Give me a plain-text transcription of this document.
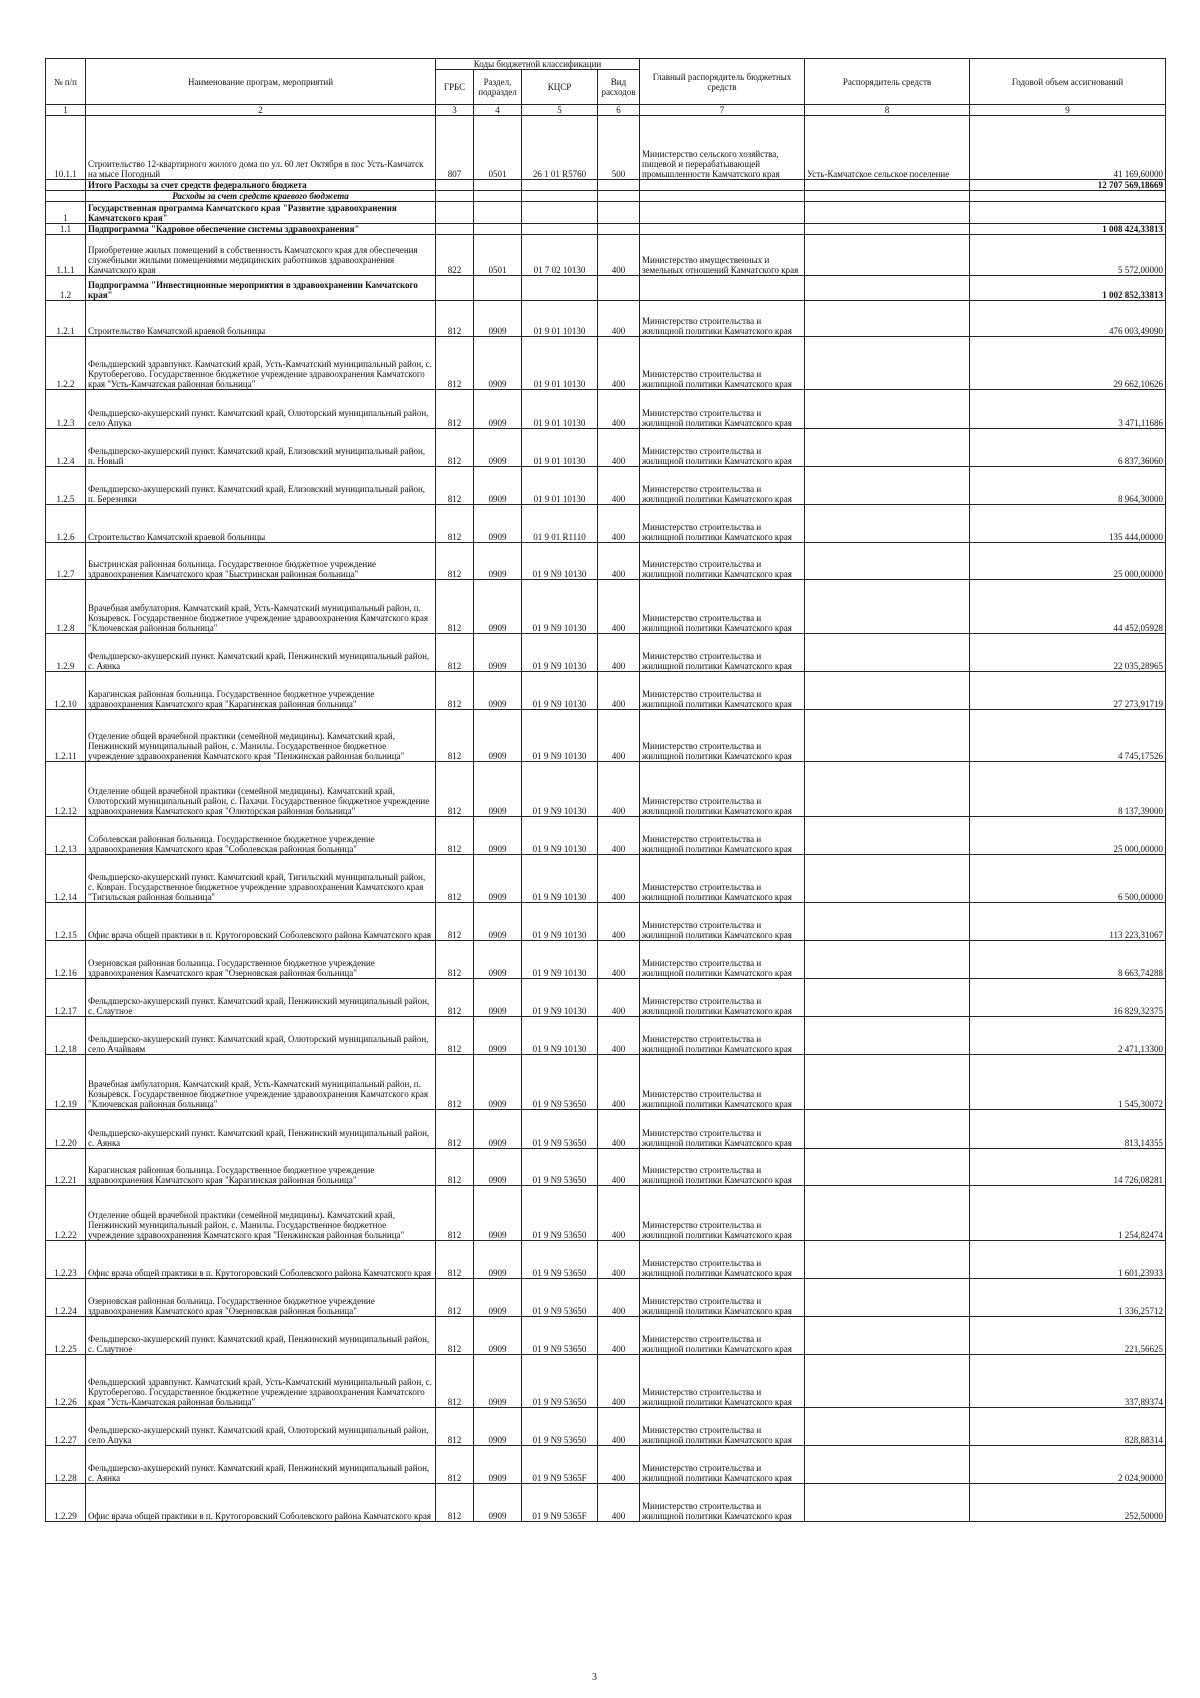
№ п/п	Наименование програм, мероприятий	Коды бюджетной классификации				Главный распорядитель бюджетных средств	Распорядитель средств	Годовой объем ассигнований
		ГРБС	Раздел, подраздел	КЦСР	Вид расходов			
1	2	3	4	5	6	7	8	9
10.1.1	Строительство 12-квартирного жилого дома по ул. 60 лет Октября в пос Усть-Камчатск на мысе Погодный	807	0501	26 1 01 R5760	500	Министерство сельского хозяйства, пищевой и перерабатывающей промышленности Камчатского края	Усть-Камчатское сельское поселение	41 169,60000
	Итого Расходы за счет средств федерального бюджета							12 707 569,18669
	Расходы за счет средств краевого бюджета							
1	Государственная программа Камчатского края "Развитие здравоохранения Камчатского края"							
1.1	Подпрограмма "Кадровое обеспечение системы здравоохранения"							1 008 424,33813
1.1.1	Приобретение жилых помещений в собственность Камчатского края для обеспечения служебными жилыми помещениями медицинских работников здравоохранения Камчатского края	822	0501	01 7 02 10130	400	Министерство имущественных и земельных отношений Камчатского края		5 572,00000
1.2	Подпрограмма "Инвестиционные мероприятия в здравоохранении Камчатского края"							1 002 852,33813
1.2.1	Строительство Камчатской краевой больницы	812	0909	01 9 01 10130	400	Министерство строительства и жилищной политики Камчатского края		476 003,49090
1.2.2	Фельдшерский здравпункт. Камчатский край, Усть-Камчатский муниципальный район, с. Крутоберегово. Государственное бюджетное учреждение здравоохранения Камчатского края "Усть-Камчатская районная больница"	812	0909	01 9 01 10130	400	Министерство строительства и жилищной политики Камчатского края		29 662,10626
1.2.3	Фельдшерско-акушерский пункт. Камчатский край, Олюторский муниципальный район, село Апука	812	0909	01 9 01 10130	400	Министерство строительства и жилищной политики Камчатского края		3 471,11686
1.2.4	Фельдшерско-акушерский пункт. Камчатский край, Елизовский муниципальный район, п. Новый	812	0909	01 9 01 10130	400	Министерство строительства и жилищной политики Камчатского края		6 837,36060
1.2.5	Фельдшерско-акушерский пункт. Камчатский край, Елизовский муниципальный район, п. Березняки	812	0909	01 9 01 10130	400	Министерство строительства и жилищной политики Камчатского края		8 964,30000
1.2.6	Строительство Камчатской краевой больницы	812	0909	01 9 01 R1110	400	Министерство строительства и жилищной политики Камчатского края		135 444,00000
1.2.7	Быстринская районная больница. Государственное бюджетное учреждение здравоохранения Камчатского края "Быстринская районная больница"	812	0909	01 9 N9 10130	400	Министерство строительства и жилищной политики Камчатского края		25 000,00000
1.2.8	Врачебная амбулатория. Камчатский край, Усть-Камчатский муниципальный район, п. Козыревск. Государственное бюджетное учреждение здравоохранения Камчатского края "Ключевская районная больница"	812	0909	01 9 N9 10130	400	Министерство строительства и жилищной политики Камчатского края		44 452,05928
1.2.9	Фельдшерско-акушерский пункт. Камчатский край, Пенжинский муниципальный район, с. Аянка	812	0909	01 9 N9 10130	400	Министерство строительства и жилищной политики Камчатского края		22 035,28965
1.2.10	Карагинская районная больница. Государственное бюджетное учреждение здравоохранения Камчатского края "Карагинская районная больница"	812	0909	01 9 N9 10130	400	Министерство строительства и жилищной политики Камчатского края		27 273,91719
1.2.11	Отделение общей врачебной практики (семейной медицины). Камчатский край, Пенжинский муниципальный район, с. Манилы. Государственное бюджетное учреждение здравоохранения Камчатского края "Пенжинская районная больница"	812	0909	01 9 N9 10130	400	Министерство строительства и жилищной политики Камчатского края		4 745,17526
1.2.12	Отделение общей врачебной практики (семейной медицины). Камчатский край, Олюторский муниципальный район, с. Пахачи. Государственное бюджетное учреждение здравоохранения Камчатского края "Олюторская районная больница"	812	0909	01 9 N9 10130	400	Министерство строительства и жилищной политики Камчатского края		8 137,39000
1.2.13	Соболевская районная больница. Государственное бюджетное учреждение здравоохранения Камчатского края "Соболевская районная больница"	812	0909	01 9 N9 10130	400	Министерство строительства и жилищной политики Камчатского края		25 000,00000
1.2.14	Фельдшерско-акушерский пункт. Камчатский край, Тигильский муниципальный район, с. Ковран. Государственное бюджетное учреждение здравоохранения Камчатского края "Тигильская районная больница"	812	0909	01 9 N9 10130	400	Министерство строительства и жилищной политики Камчатского края		6 500,00000
1.2.15	Офис врача общей практики в п. Крутогоровский Соболевского района Камчатского края	812	0909	01 9 N9 10130	400	Министерство строительства и жилищной политики Камчатского края		113 223,31067
1.2.16	Озерновская районная больница. Государственное бюджетное учреждение здравоохранения Камчатского края "Озерновская районная больница"	812	0909	01 9 N9 10130	400	Министерство строительства и жилищной политики Камчатского края		8 663,74288
1.2.17	Фельдшерско-акушерский пункт. Камчатский край, Пенжинский муниципальный район, с. Слаутное	812	0909	01 9 N9 10130	400	Министерство строительства и жилищной политики Камчатского края		16 829,32375
1.2.18	Фельдшерско-акушерский пункт. Камчатский край, Олюторский муниципальный район, село Ачайваям	812	0909	01 9 N9 10130	400	Министерство строительства и жилищной политики Камчатского края		2 471,13300
1.2.19	Врачебная амбулатория. Камчатский край, Усть-Камчатский муниципальный район, п. Козыревск. Государственное бюджетное учреждение здравоохранения Камчатского края "Ключевская районная больница"	812	0909	01 9 N9 53650	400	Министерство строительства и жилищной политики Камчатского края		1 545,30072
1.2.20	Фельдшерско-акушерский пункт. Камчатский край, Пенжинский муниципальный район, с. Аянка	812	0909	01 9 N9 53650	400	Министерство строительства и жилищной политики Камчатского края		813,14355
1.2.21	Карагинская районная больница. Государственное бюджетное учреждение здравоохранения Камчатского края "Карагинская районная больница"	812	0909	01 9 N9 53650	400	Министерство строительства и жилищной политики Камчатского края		14 726,08281
1.2.22	Отделение общей врачебной практики (семейной медицины). Камчатский край, Пенжинский муниципальный район, с. Манилы. Государственное бюджетное учреждение здравоохранения Камчатского края "Пенжинская районная больница"	812	0909	01 9 N9 53650	400	Министерство строительства и жилищной политики Камчатского края		1 254,82474
1.2.23	Офис врача общей практики в п. Крутогоровский Соболевского района Камчатского края	812	0909	01 9 N9 53650	400	Министерство строительства и жилищной политики Камчатского края		1 601,23933
1.2.24	Озерновская районная больница. Государственное бюджетное учреждение здравоохранения Камчатского края "Озерновская районная больница"	812	0909	01 9 N9 53650	400	Министерство строительства и жилищной политики Камчатского края		1 336,25712
1.2.25	Фельдшерско-акушерский пункт. Камчатский край, Пенжинский муниципальный район, с. Слаутное	812	0909	01 9 N9 53650	400	Министерство строительства и жилищной политики Камчатского края		221,56625
1.2.26	Фельдшерский здравпункт. Камчатский край, Усть-Камчатский муниципальный район, с. Крутоберегово. Государственное бюджетное учреждение здравоохранения Камчатского края "Усть-Камчатская районная больница"	812	0909	01 9 N9 53650	400	Министерство строительства и жилищной политики Камчатского края		337,89374
1.2.27	Фельдшерско-акушерский пункт. Камчатский край, Олюторский муниципальный район, село Апука	812	0909	01 9 N9 53650	400	Министерство строительства и жилищной политики Камчатского края		828,88314
1.2.28	Фельдшерско-акушерский пункт. Камчатский край, Пенжинский муниципальный район, с. Аянка	812	0909	01 9 N9 5365F	400	Министерство строительства и жилищной политики Камчатского края		2 024,90000
1.2.29	Офис врача общей практики в п. Крутогоровский Соболевского района Камчатского края	812	0909	01 9 N9 5365F	400	Министерство строительства и жилищной политики Камчатского края		252,50000
3
